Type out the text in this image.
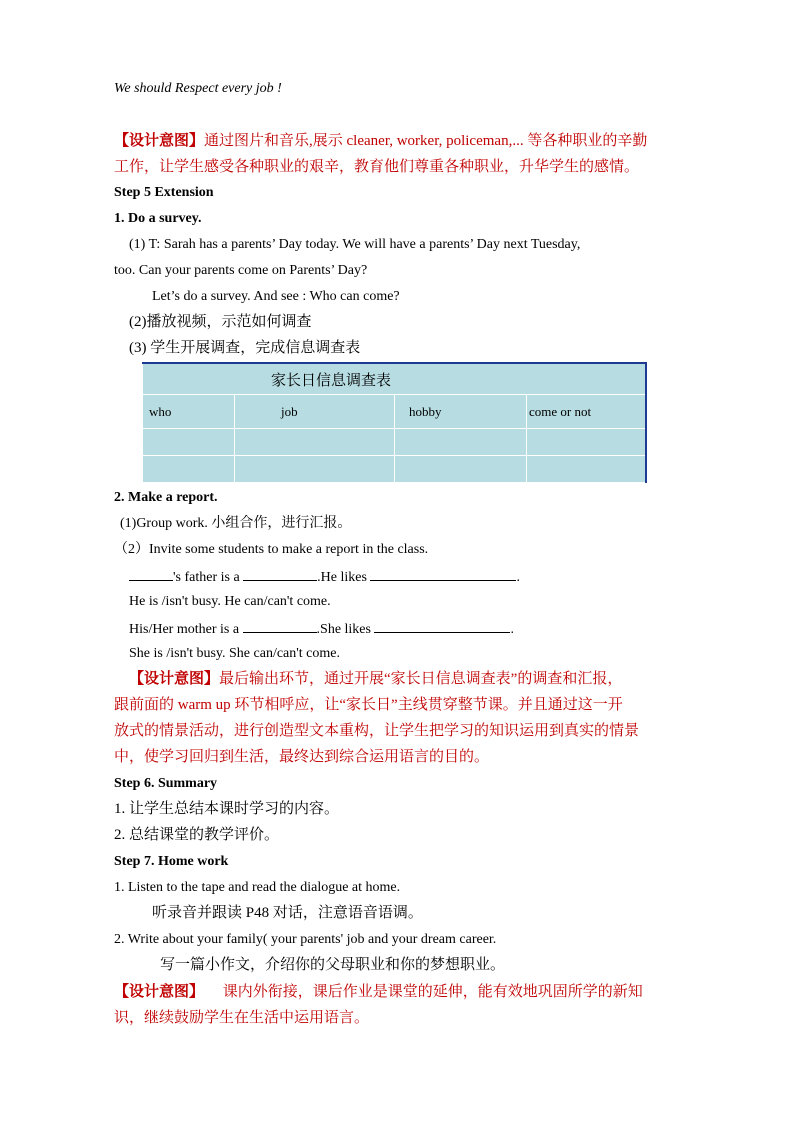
We should Respect every job !
【设计意图】通过图片和音乐,展示 cleaner, worker, policeman,... 等各种职业的辛勤
工作，让学生感受各种职业的艰辛，教育他们尊重各种职业，升华学生的感情。
Step 5 Extension
1. Do a survey.
(1) T: Sarah has a parents’ Day today. We will have a parents’ Day next Tuesday,
too. Can your parents come on Parents’ Day?
Let’s do a survey. And see : Who can come?
(2)播放视频，示范如何调查
(3) 学生开展调查，完成信息调查表
家长日信息调查表			
who	job	hobby	come or not

2. Make a report.
(1)Group work. 小组合作，进行汇报。
（2）Invite some students to make a report in the class.
's father is a	.He likes	.
He is /isn't busy. He can/can't come.
His/Her mother is a	.She likes	.
She is /isn't busy. She can/can't come.
【设计意图】最后输出环节，通过开展“家长日信息调查表”的调查和汇报，
跟前面的 warm up 环节相呼应，让“家长日”主线贯穿整节课。并且通过这一开
放式的情景活动，进行创造型文本重构，让学生把学习的知识运用到真实的情景
中，使学习回归到生活，最终达到综合运用语言的目的。
Step 6. Summary
1. 让学生总结本课时学习的内容。
2. 总结课堂的教学评价。
Step 7. Home work
1. Listen to the tape and read the dialogue at home.
听录音并跟读 P48 对话，注意语音语调。
2. Write about your family( your parents' job and your dream career.
写一篇小作文，介绍你的父母职业和你的梦想职业。
【设计意图】     课内外衔接，课后作业是课堂的延伸，能有效地巩固所学的新知
识，继续鼓励学生在生活中运用语言。
